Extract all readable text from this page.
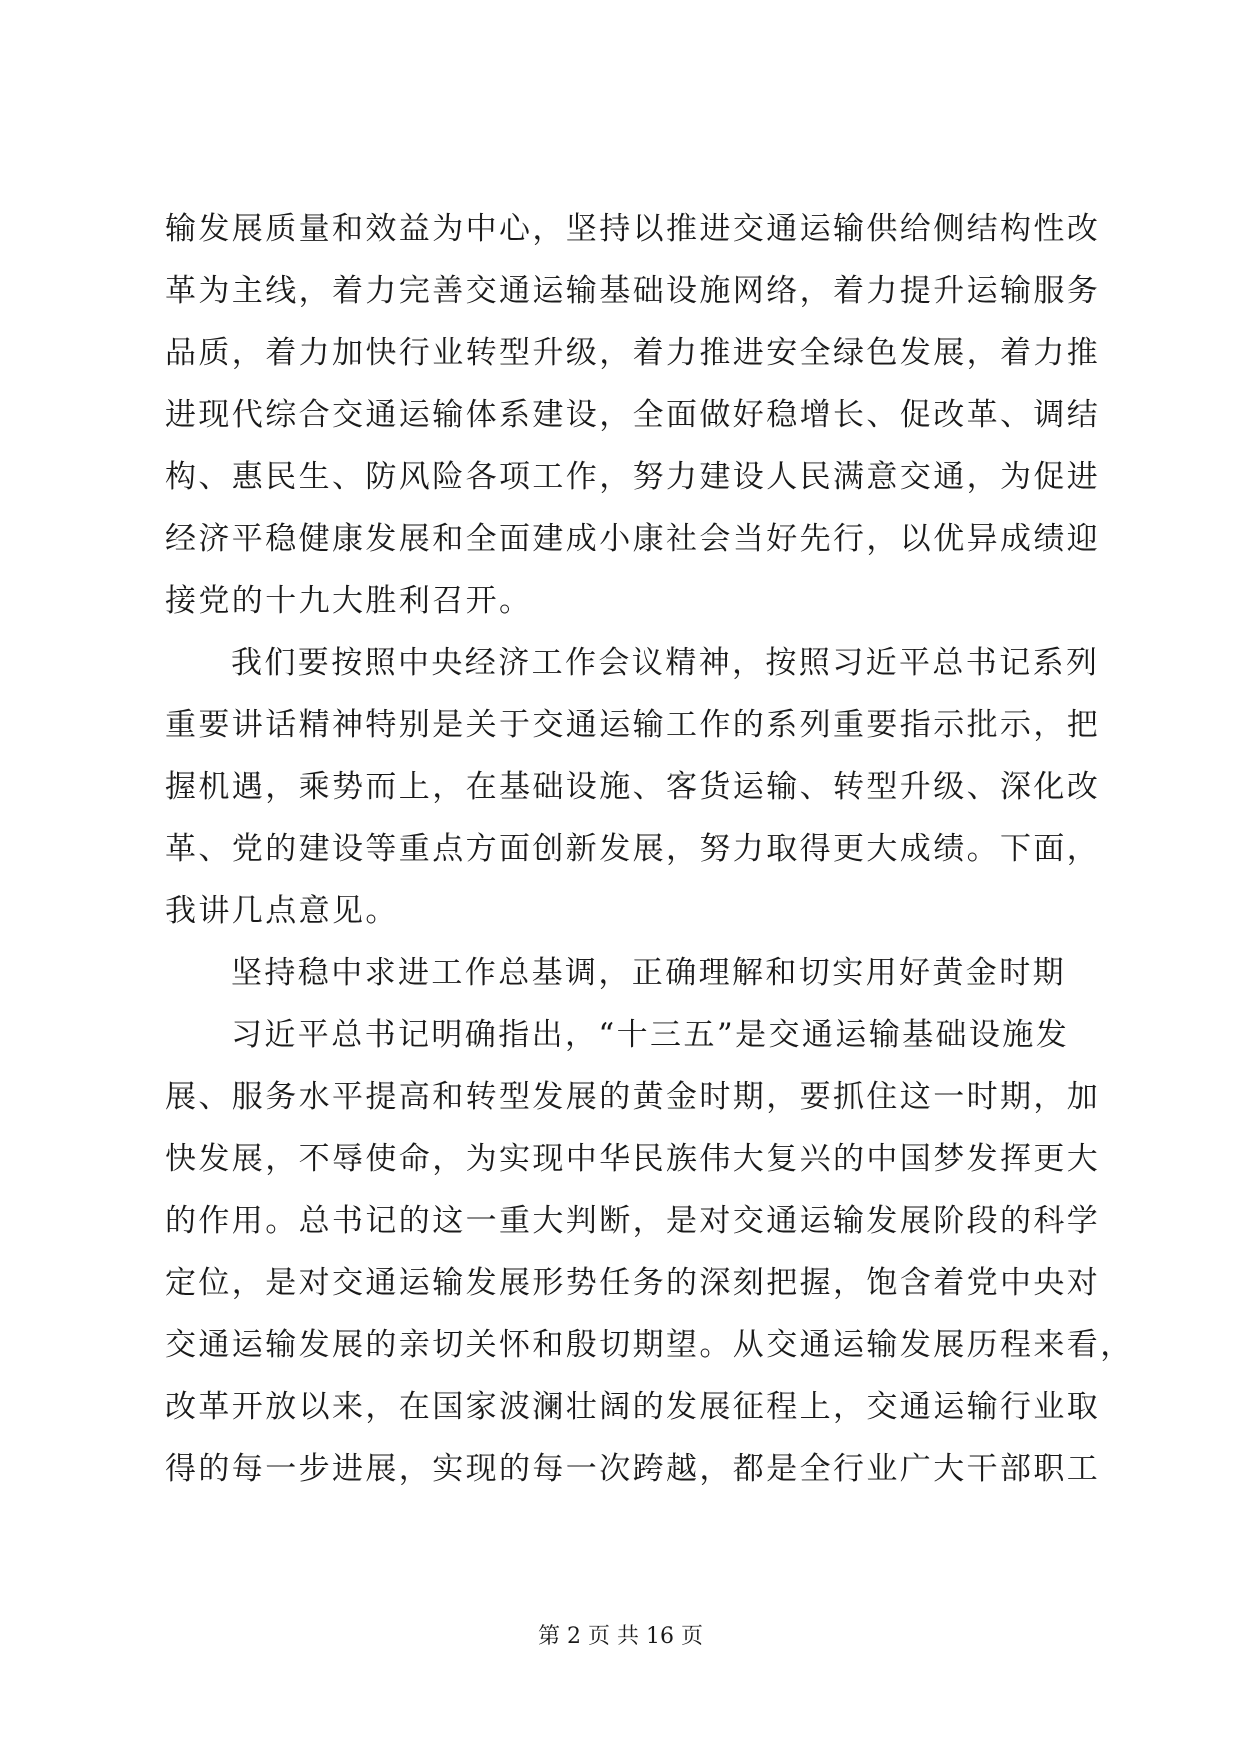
输发展质量和效益为中心，坚持以推进交通运输供给侧结构性改
革为主线，着力完善交通运输基础设施网络，着力提升运输服务
品质，着力加快行业转型升级，着力推进安全绿色发展，着力推
进现代综合交通运输体系建设，全面做好稳增长、促改革、调结
构、惠民生、防风险各项工作，努力建设人民满意交通，为促进
经济平稳健康发展和全面建成小康社会当好先行，以优异成绩迎
接党的十九大胜利召开。
我们要按照中央经济工作会议精神，按照习近平总书记系列
重要讲话精神特别是关于交通运输工作的系列重要指示批示，把
握机遇，乘势而上，在基础设施、客货运输、转型升级、深化改
革、党的建设等重点方面创新发展，努力取得更大成绩。下面，
我讲几点意见。
坚持稳中求进工作总基调，正确理解和切实用好黄金时期
习近平总书记明确指出，“十三五”是交通运输基础设施发
展、服务水平提高和转型发展的黄金时期，要抓住这一时期，加
快发展，不辱使命，为实现中华民族伟大复兴的中国梦发挥更大
的作用。总书记的这一重大判断，是对交通运输发展阶段的科学
定位，是对交通运输发展形势任务的深刻把握，饱含着党中央对
交通运输发展的亲切关怀和殷切期望。从交通运输发展历程来看，
改革开放以来，在国家波澜壮阔的发展征程上，交通运输行业取
得的每一步进展，实现的每一次跨越，都是全行业广大干部职工
第 2 页 共 16 页
